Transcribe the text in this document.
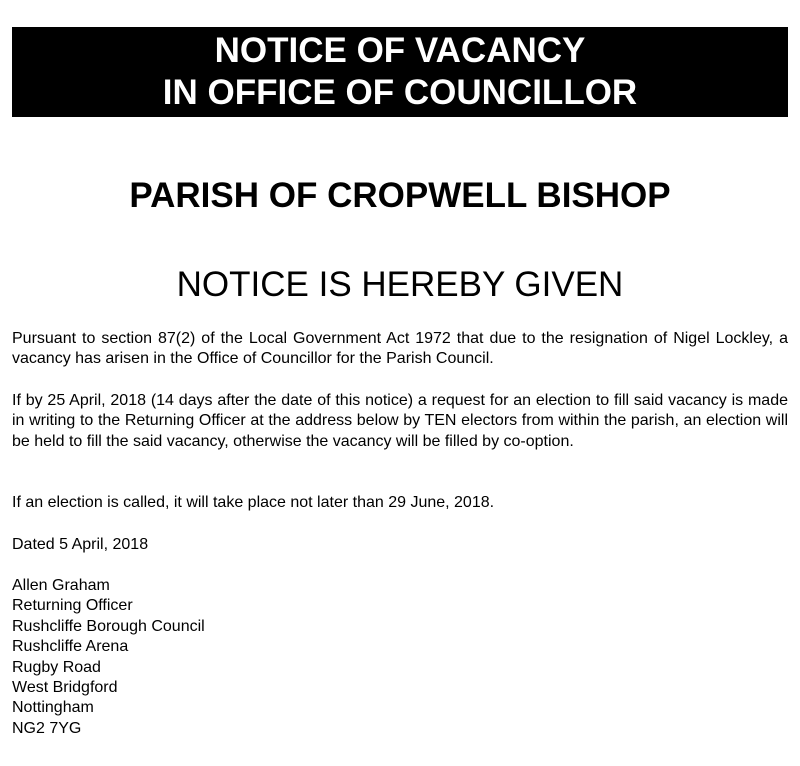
NOTICE OF VACANCY
IN OFFICE OF COUNCILLOR
PARISH OF CROPWELL BISHOP
NOTICE IS HEREBY GIVEN
Pursuant to section 87(2) of the Local Government Act 1972 that due to the resignation of Nigel Lockley, a vacancy has arisen in the Office of Councillor for the Parish Council.
If by 25 April, 2018 (14 days after the date of this notice) a request for an election to fill said vacancy is made in writing to the Returning Officer at the address below by TEN electors from within the parish, an election will be held to fill the said vacancy, otherwise the vacancy will be filled by co-option.
If an election is called, it will take place not later than 29 June, 2018.
Dated 5 April, 2018
Allen Graham
Returning Officer
Rushcliffe Borough Council
Rushcliffe Arena
Rugby Road
West Bridgford
Nottingham
NG2 7YG
